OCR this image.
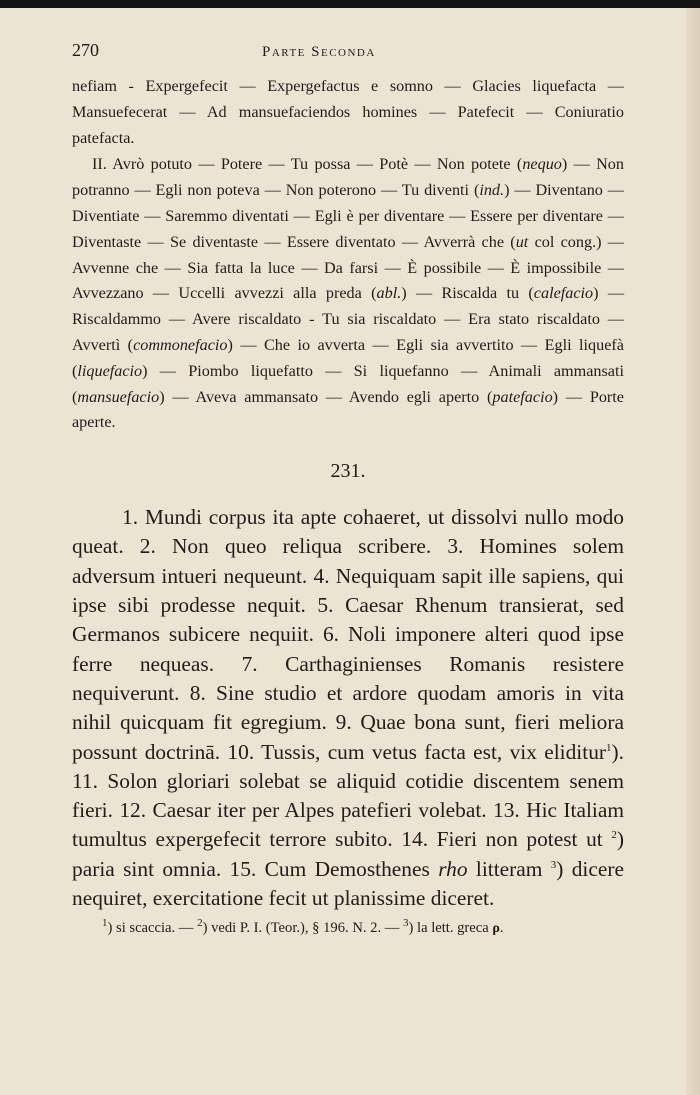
270	Parte Seconda

nefiam - Expergefecit — Expergefactus e somno — Glacies liquefacta — Mansuefecerat — Ad mansuefaciendos homines — Patefecit — Coniuratio patefacta.

II. Avrò potuto — Potere — Tu possa — Potè — Non potete (nequo) — Non potranno — Egli non poteva — Non poterono — Tu diventi (ind.) — Diventano — Diventiate — Saremmo diventati — Egli è per diventare — Essere per diventare — Diventaste — Se diventaste — Essere diventato — Avverrà che (ut col cong.) — Avvenne che — Sia fatta la luce — Da farsi — È possibile — È impossibile — Avvezzano — Uccelli avvezzi alla preda (abl.) — Riscalda tu (calefacio) — Riscaldammo — Avere riscaldato - Tu sia riscaldato — Era stato riscaldato — Avvertì (commonefacio) — Che io avverta — Egli sia avvertito — Egli liquefà (liquefacio) — Piombo liquefatto — Si liquefanno — Animali ammansati (mansuefacio) — Aveva ammansato — Avendo egli aperto (patefacio) — Porte aperte.

231.

1. Mundi corpus ita apte cohaeret, ut dissolvi nullo modo queat. 2. Non queo reliqua scribere. 3. Homines solem adversum intueri nequeunt. 4. Nequiquam sapit ille sapiens, qui ipse sibi prodesse nequit. 5. Caesar Rhenum transierat, sed Germanos subicere nequiit. 6. Noli imponere alteri quod ipse ferre nequeas. 7. Carthaginienses Romanis resistere nequiverunt. 8. Sine studio et ardore quodam amoris in vita nihil quicquam fit egregium. 9. Quae bona sunt, fieri meliora possunt doctrinā. 10. Tussis, cum vetus facta est, vix eliditur$^1$). 11. Solon gloriari solebat se aliquid cotidie discentem senem fieri. 12. Caesar iter per Alpes patefieri volebat. 13. Hic Italiam tumultus expergefecit terrore subito. 14. Fieri non potest ut $^2$) paria sint omnia. 15. Cum Demosthenes rho litteram $^3$) dicere nequiret, exercitatione fecit ut planissime diceret.

$^1$) si scaccia. — $^2$) vedi P. I. (Teor.), § 196. N. 2. — $^3$) la lett. greca ρ.
